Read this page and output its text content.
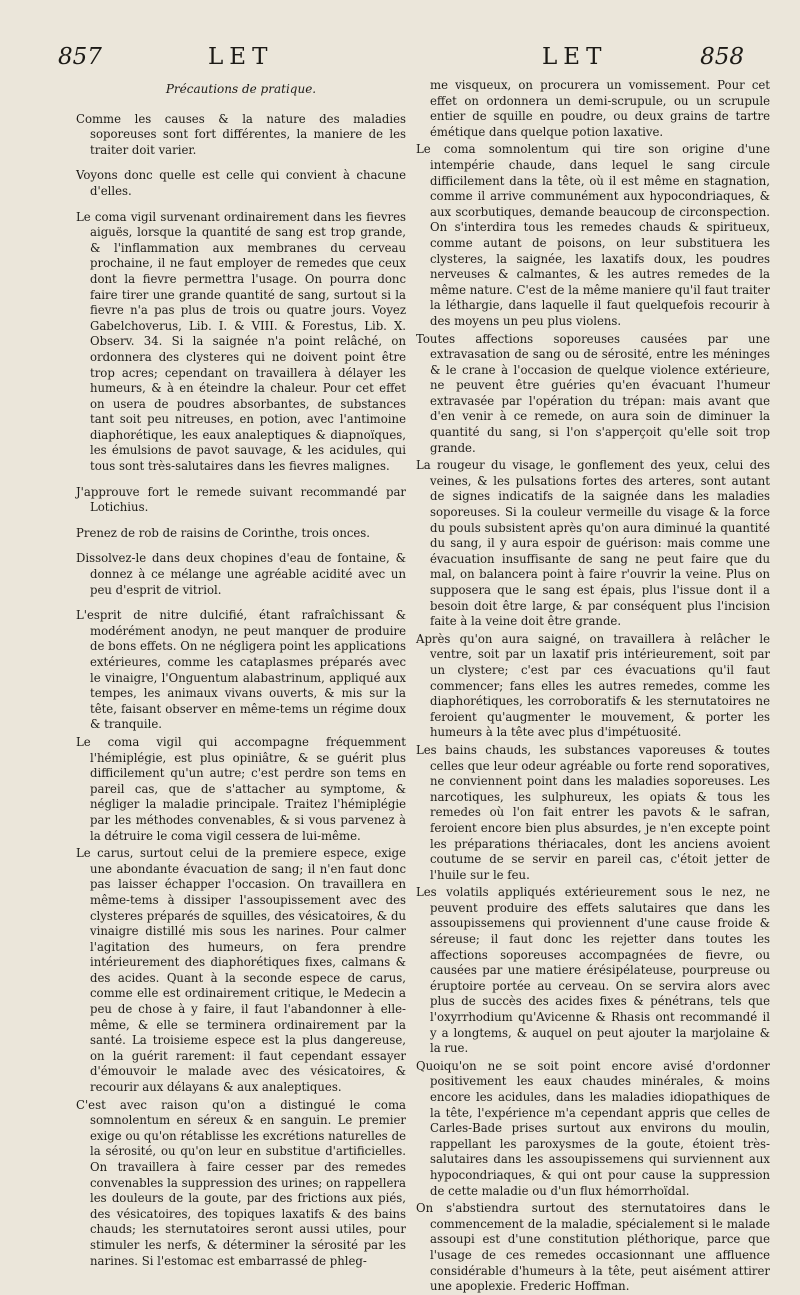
857	LET	LET	858
Précautions de pratique.

Comme les causes & la nature des maladies soporeuses sont fort différentes, la maniere de les traiter doit varier.

Voyons donc quelle est celle qui convient à chacune d'elles.

Le coma vigil survenant ordinairement dans les fievres aiguës, lorsque la quantité de sang est trop grande, & l'inflammation aux membranes du cerveau prochaine, il ne faut employer de remedes que ceux dont la fievre permettra l'usage. On pourra donc faire tirer une grande quantité de sang, surtout si la fievre n'a pas plus de trois ou quatre jours. Voyez Gabelchoverus, Lib. I. & VIII. & Forestus, Lib. X. Observ. 34. Si la saignée n'a point relâché, on ordonnera des clysteres qui ne doivent point être trop acres; cependant on travaillera à délayer les humeurs, & à en éteindre la chaleur. Pour cet effet on usera de poudres absorbantes, de substances tant soit peu nitreuses, en potion, avec l'antimoine diaphorétique, les eaux analeptiques & diapnoïques, les émulsions de pavot sauvage, & les acidules, qui tous sont très-salutaires dans les fievres malignes.

J'approuve fort le remede suivant recommandé par Lotichius.

Prenez de rob de raisins de Corinthe, trois onces.

Dissolvez-le dans deux chopines d'eau de fontaine, & donnez à ce mélange une agréable acidité avec un peu d'esprit de vitriol.

L'esprit de nitre dulcifié, étant rafraîchissant & modérément anodyn, ne peut manquer de produire de bons effets. On ne négligera point les applications extérieures, comme les cataplasmes préparés avec le vinaigre, l'Onguentum alabastrinum, appliqué aux tempes, les animaux vivans ouverts, & mis sur la tête, faisant observer en même-tems un régime doux & tranquile.

Le coma vigil qui accompagne fréquemment l'hémiplégie, est plus opiniâtre, & se guérit plus difficilement qu'un autre; c'est perdre son tems en pareil cas, que de s'attacher au symptome, & négliger la maladie principale. Traitez l'hémiplégie par les méthodes convenables, & si vous parvenez à la détruire le coma vigil cessera de lui-même.

Le carus, surtout celui de la premiere espece, exige une abondante évacuation de sang; il n'en faut donc pas laisser échapper l'occasion. On travaillera en même-tems à dissiper l'assoupissement avec des clysteres préparés de squilles, des vésicatoires, & du vinaigre distillé mis sous les narines. Pour calmer l'agitation des humeurs, on fera prendre intérieurement des diaphorétiques fixes, calmans & des acides. Quant à la seconde espece de carus, comme elle est ordinairement critique, le Medecin a peu de chose à y faire, il faut l'abandonner à elle-même, & elle se terminera ordinairement par la santé. La troisieme espece est la plus dangereuse, on la guérit rarement: il faut cependant essayer d'émouvoir le malade avec des vésicatoires, & recourir aux délayans & aux analeptiques.

C'est avec raison qu'on a distingué le coma somnolentum en séreux & en sanguin. Le premier exige ou qu'on rétablisse les excrétions naturelles de la sérosité, ou qu'on leur en substitue d'artificielles. On travaillera à faire cesser par des remedes convenables la suppression des urines; on rappellera les douleurs de la goute, par des frictions aux piés, des vésicatoires, des topiques laxatifs & des bains chauds; les sternutatoires seront aussi utiles, pour stimuler les nerfs, & déterminer la sérosité par les narines. Si l'estomac est embarrassé de phleg-

me visqueux, on procurera un vomissement. Pour cet effet on ordonnera un demi-scrupule, ou un scrupule entier de squille en poudre, ou deux grains de tartre émétique dans quelque potion laxative.

Le coma somnolentum qui tire son origine d'une intempérie chaude, dans lequel le sang circule difficilement dans la tête, où il est même en stagnation, comme il arrive communément aux hypocondriaques, & aux scorbutiques, demande beaucoup de circonspection. On s'interdira tous les remedes chauds & spiritueux, comme autant de poisons, on leur substituera les clysteres, la saignée, les laxatifs doux, les poudres nerveuses & calmantes, & les autres remedes de la même nature. C'est de la même maniere qu'il faut traiter la léthargie, dans laquelle il faut quelquefois recourir à des moyens un peu plus violens.

Toutes affections soporeuses causées par une extravasation de sang ou de sérosité, entre les méninges & le crane à l'occasion de quelque violence extérieure, ne peuvent être guéries qu'en évacuant l'humeur extravasée par l'opération du trépan: mais avant que d'en venir à ce remede, on aura soin de diminuer la quantité du sang, si l'on s'apperçoit qu'elle soit trop grande.

La rougeur du visage, le gonflement des yeux, celui des veines, & les pulsations fortes des arteres, sont autant de signes indicatifs de la saignée dans les maladies soporeuses. Si la couleur vermeille du visage & la force du pouls subsistent après qu'on aura diminué la quantité du sang, il y aura espoir de guérison: mais comme une évacuation insuffisante de sang ne peut faire que du mal, on balancera point à faire r'ouvrir la veine. Plus on supposera que le sang est épais, plus l'issue dont il a besoin doit être large, & par conséquent plus l'incision faite à la veine doit être grande.

Après qu'on aura saigné, on travaillera à relâcher le ventre, soit par un laxatif pris intérieurement, soit par un clystere; c'est par ces évacuations qu'il faut commencer; fans elles les autres remedes, comme les diaphorétiques, les corroboratifs & les sternutatoires ne feroient qu'augmenter le mouvement, & porter les humeurs à la tête avec plus d'impétuosité.

Les bains chauds, les substances vaporeuses & toutes celles que leur odeur agréable ou forte rend soporatives, ne conviennent point dans les maladies soporeuses. Les narcotiques, les sulphureux, les opiats & tous les remedes où l'on fait entrer les pavots & le safran, feroient encore bien plus absurdes, je n'en excepte point les préparations thériacales, dont les anciens avoient coutume de se servir en pareil cas, c'étoit jetter de l'huile sur le feu.

Les volatils appliqués extérieurement sous le nez, ne peuvent produire des effets salutaires que dans les assoupissemens qui proviennent d'une cause froide & séreuse; il faut donc les rejetter dans toutes les affections soporeuses accompagnées de fievre, ou causées par une matiere érésipélateuse, pourpreuse ou éruptoire portée au cerveau. On se servira alors avec plus de succès des acides fixes & pénétrans, tels que l'oxyrrhodium qu'Avicenne & Rhasis ont recommandé il y a longtems, & auquel on peut ajouter la marjolaine & la rue.

Quoiqu'on ne se soit point encore avisé d'ordonner positivement les eaux chaudes minérales, & moins encore les acidules, dans les maladies idiopathiques de la tête, l'expérience m'a cependant appris que celles de Carles-Bade prises surtout aux environs du moulin, rappellant les paroxysmes de la goute, étoient très-salutaires dans les assoupissemens qui surviennent aux hypocondriaques, & qui ont pour cause la suppression de cette maladie ou d'un flux hémorrhoïdal.

On s'abstiendra surtout des sternutatoires dans le commencement de la maladie, spécialement si le malade assoupi est d'une constitution pléthorique, parce que l'usage de ces remedes occasionnant une affluence considérable d'humeurs à la tête, peut aisément attirer une apoplexie. Frederic Hoffman.
